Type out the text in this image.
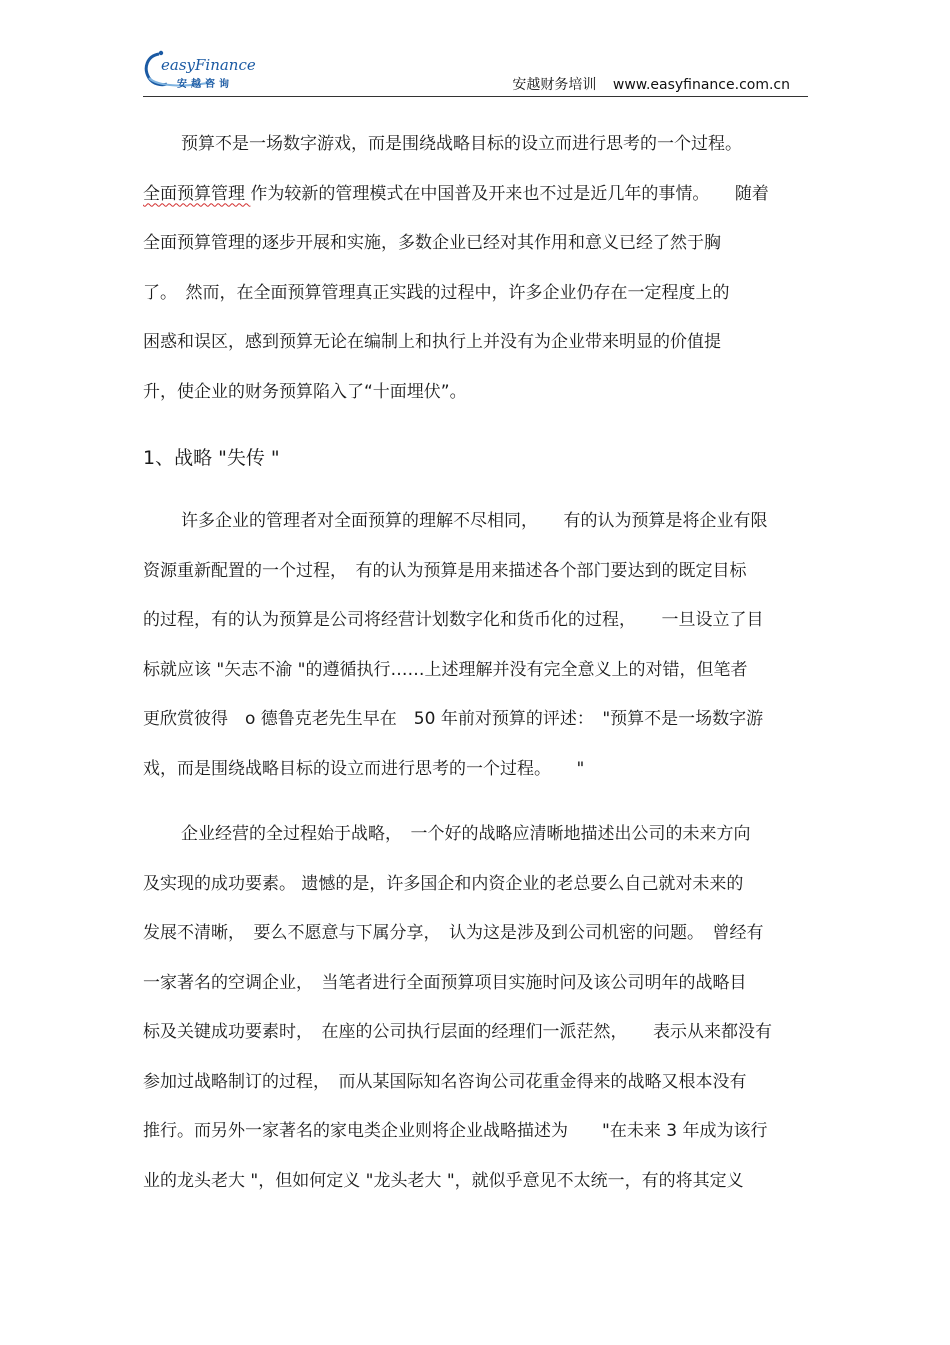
easyFinance
安越咨询	安越财务培训 www.easyfinance.com.cn

预算不是一场数字游戏，而是围绕战略目标的设立而进行思考的一个过程。
全面预算管理 作为较新的管理模式在中国普及开来也不过是近几年的事情。　　随着
全面预算管理的逐步开展和实施，多数企业已经对其作用和意义已经了然于胸
了。　然而，在全面预算管理真正实践的过程中，许多企业仍存在一定程度上的
困惑和误区，感到预算无论在编制上和执行上并没有为企业带来明显的价值提
升，使企业的财务预算陷入了“十面埋伏”。

1、战略 "失传 "

许多企业的管理者对全面预算的理解不尽相同，　　有的认为预算是将企业有限
资源重新配置的一个过程，　有的认为预算是用来描述各个部门要达到的既定目标
的过程，有的认为预算是公司将经营计划数字化和货币化的过程，　　一旦设立了目
标就应该 "矢志不渝 "的遵循执行……上述理解并没有完全意义上的对错，但笔者
更欣赏彼得　o 德鲁克老先生早在　50 年前对预算的评述：　"预算不是一场数字游
戏，而是围绕战略目标的设立而进行思考的一个过程。　　"

企业经营的全过程始于战略，　一个好的战略应清晰地描述出公司的未来方向
及实现的成功要素。 遗憾的是，许多国企和内资企业的老总要么自己就对未来的
发展不清晰，　要么不愿意与下属分享，　认为这是涉及到公司机密的问题。　曾经有
一家著名的空调企业，　当笔者进行全面预算项目实施时问及该公司明年的战略目
标及关键成功要素时，　在座的公司执行层面的经理们一派茫然，　　表示从来都没有
参加过战略制订的过程，　而从某国际知名咨询公司花重金得来的战略又根本没有
推行。而另外一家著名的家电类企业则将企业战略描述为　　"在未来 3 年成为该行
业的龙头老大 "，但如何定义 "龙头老大 "，就似乎意见不太统一，有的将其定义
